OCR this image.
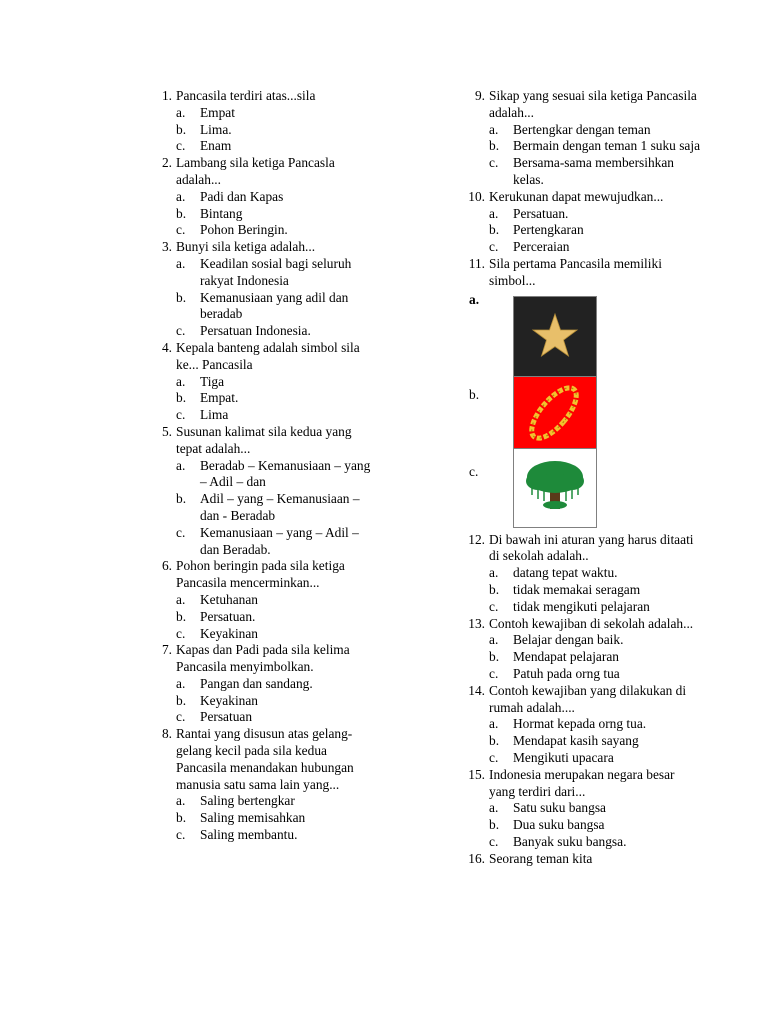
1. Pancasila terdiri atas...sila
a. Empat
b. Lima.
c. Enam
2. Lambang sila ketiga Pancasla adalah...
a. Padi dan Kapas
b. Bintang
c. Pohon Beringin.
3. Bunyi sila ketiga adalah...
a. Keadilan sosial bagi seluruh rakyat Indonesia
b. Kemanusiaan yang adil dan beradab
c. Persatuan Indonesia.
4. Kepala banteng adalah simbol sila ke... Pancasila
a. Tiga
b. Empat.
c. Lima
5. Susunan kalimat sila kedua yang tepat adalah...
a. Beradab – Kemanusiaan – yang – Adil – dan
b. Adil – yang – Kemanusiaan – dan - Beradab
c. Kemanusiaan – yang – Adil – dan Beradab.
6. Pohon beringin pada sila ketiga Pancasila mencerminkan...
a. Ketuhanan
b. Persatuan.
c. Keyakinan
7. Kapas dan Padi pada sila kelima Pancasila menyimbolkan.
a. Pangan dan sandang.
b. Keyakinan
c. Persatuan
8. Rantai yang disusun atas gelang-gelang kecil pada sila kedua Pancasila menandakan hubungan manusia satu sama lain yang...
a. Saling bertengkar
b. Saling memisahkan
c. Saling membantu.
9. Sikap yang sesuai sila ketiga Pancasila adalah...
a. Bertengkar dengan teman
b. Bermain dengan teman 1 suku saja
c. Bersama-sama membersihkan kelas.
10. Kerukunan dapat mewujudkan...
a. Persatuan.
b. Pertengkaran
c. Perceraian
11. Sila pertama Pancasila memiliki simbol...
a.
b.
c.
12. Di bawah ini aturan yang harus ditaati di sekolah adalah..
a. datang tepat waktu.
b. tidak memakai seragam
c. tidak mengikuti pelajaran
13. Contoh kewajiban di sekolah adalah...
a. Belajar dengan baik.
b. Mendapat pelajaran
c. Patuh pada orng tua
14. Contoh kewajiban yang dilakukan di rumah adalah....
a. Hormat kepada orng tua.
b. Mendapat kasih sayang
c. Mengikuti upacara
15. Indonesia merupakan negara besar yang terdiri dari...
a. Satu suku bangsa
b. Dua suku bangsa
c. Banyak suku bangsa.
16. Seorang teman kita
